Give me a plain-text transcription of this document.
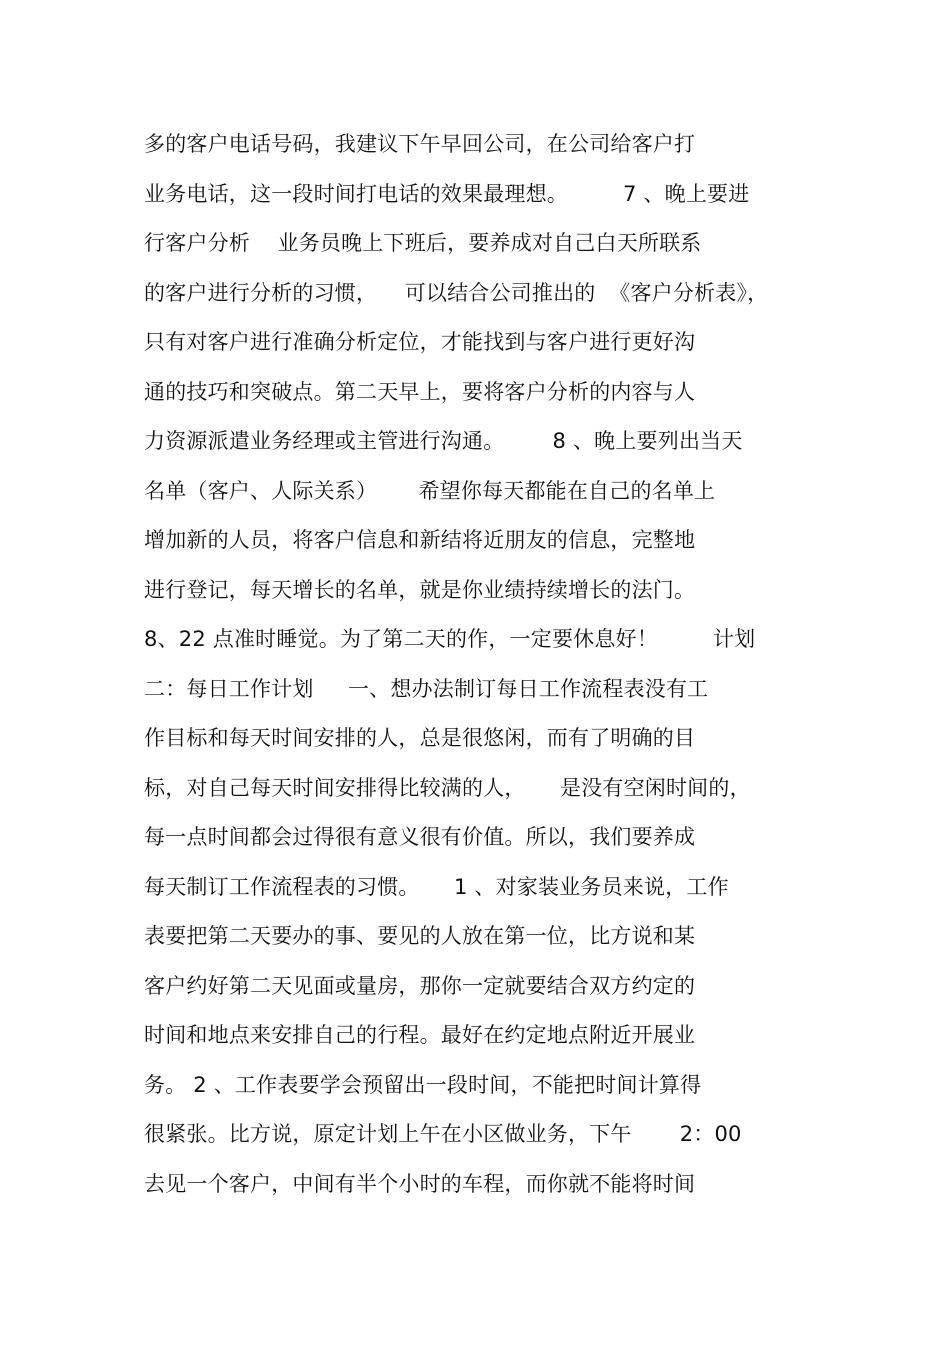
多的客户电话号码，我建议下午早回公司，在公司给客户打
业务电话，这一段时间打电话的效果最理想。        7 、晚上要进
行客户分析    业务员晚上下班后，要养成对自己白天所联系
的客户进行分析的习惯，    可以结合公司推出的  《客户分析表》，
只有对客户进行准确分析定位，才能找到与客户进行更好沟
通的技巧和突破点。第二天早上，要将客户分析的内容与人
力资源派遣业务经理或主管进行沟通。       8 、晚上要列出当天
名单（客户、人际关系）      希望你每天都能在自己的名单上
增加新的人员，将客户信息和新结将近朋友的信息，完整地
进行登记，每天增长的名单，就是你业绩持续增长的法门。
8、22 点准时睡觉。为了第二天的作，一定要休息好！        计划
二：每日工作计划     一、想办法制订每日工作流程表没有工
作目标和每天时间安排的人，总是很悠闲，而有了明确的目
标，对自己每天时间安排得比较满的人，     是没有空闲时间的，
每一点时间都会过得很有意义很有价值。所以，我们要养成
每天制订工作流程表的习惯。     1 、对家装业务员来说，工作
表要把第二天要办的事、要见的人放在第一位，比方说和某
客户约好第二天见面或量房，那你一定就要结合双方约定的
时间和地点来安排自己的行程。最好在约定地点附近开展业
务。 2 、工作表要学会预留出一段时间，不能把时间计算得
很紧张。比方说，原定计划上午在小区做业务，下午       2：00
去见一个客户，中间有半个小时的车程，而你就不能将时间
